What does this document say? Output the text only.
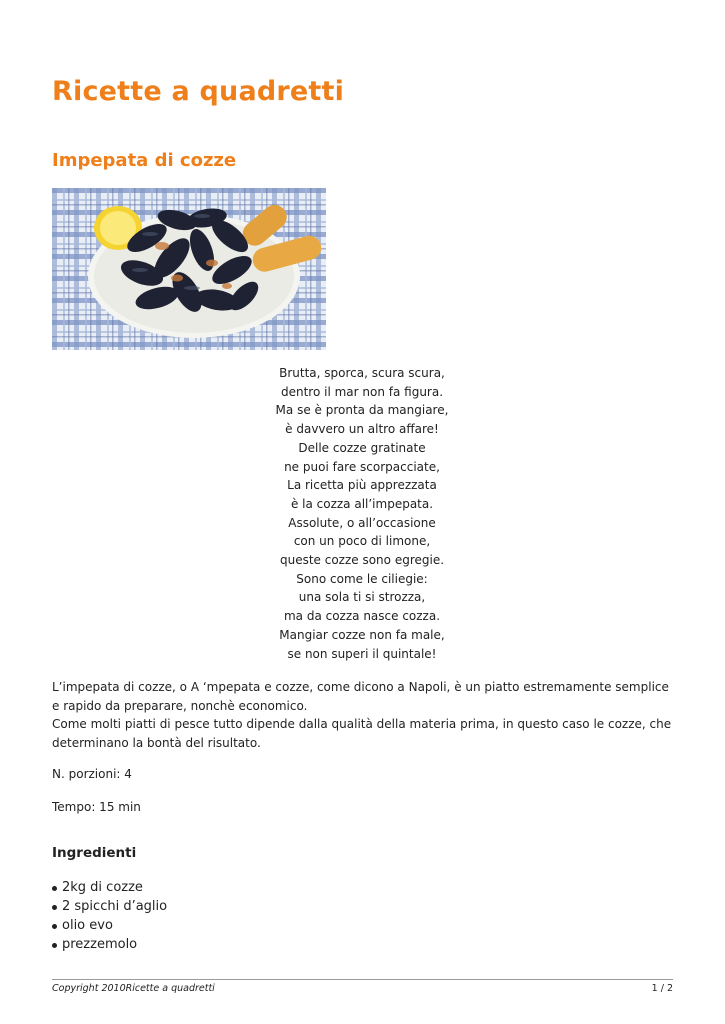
Ricette a quadretti
Impepata di cozze
Brutta, sporca, scura scura,
dentro il mar non fa figura.
Ma se è pronta da mangiare,
è davvero un altro affare!
Delle cozze gratinate
ne puoi fare scorpacciate,
La ricetta più apprezzata
è la cozza all’impepata.
Assolute, o all’occasione
con un poco di limone,
queste cozze sono egregie.
Sono come le ciliegie:
una sola ti si strozza,
ma da cozza nasce cozza.
Mangiar cozze non fa male,
se non superi il quintale!

L’impepata di cozze, o A ‘mpepata e cozze, come dicono a Napoli, è un piatto estremamente semplice e rapido da preparare, nonchè economico.

Come molti piatti di pesce tutto dipende dalla qualità della materia prima, in questo caso le cozze, che determinano la bontà del risultato.

N. porzioni: 4

Tempo: 15 min

Ingredienti
2kg di cozze
2 spicchi d’aglio
olio evo
prezzemolo
Copyright 2010Ricette a quadretti	1 / 2
